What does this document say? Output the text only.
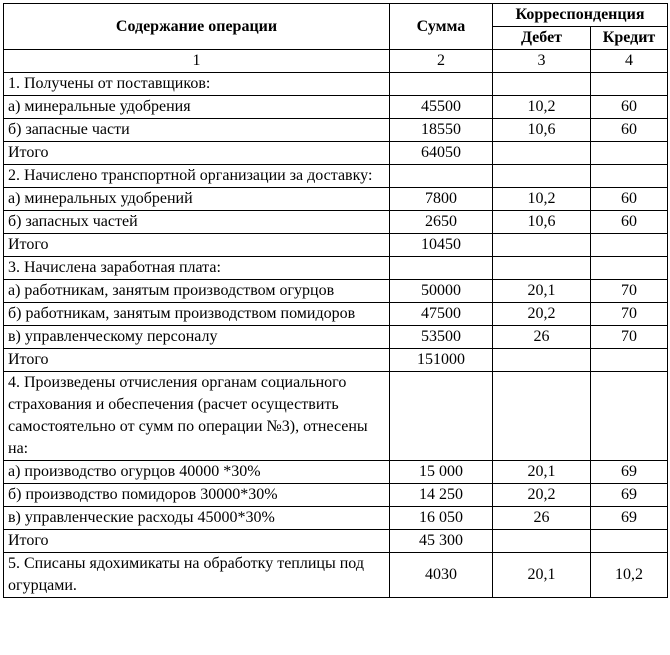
Содержание операции	Сумма	Корреспонденция	
		Дебет	Кредит
1	2	3	4
1. Получены от поставщиков:			
а) минеральные удобрения	45500	10,2	60
б) запасные части	18550	10,6	60
Итого	64050		
2. Начислено транспортной организации за доставку:			
а) минеральных удобрений	7800	10,2	60
б) запасных частей	2650	10,6	60
Итого	10450		
3. Начислена заработная плата:			
а) работникам, занятым производством огурцов	50000	20,1	70
б) работникам, занятым производством помидоров	47500	20,2	70
в) управленческому персоналу	53500	26	70
Итого	151000		
4. Произведены отчисления органам социального страхования и обеспечения (расчет осуществить самостоятельно от сумм по операции №3), отнесены на:			
а) производство огурцов 40000 *30%	15 000	20,1	69
б) производство помидоров 30000*30%	14 250	20,2	69
в) управленческие расходы 45000*30%	16 050	26	69
Итого	45 300		
5. Списаны ядохимикаты на обработку теплицы под огурцами.	4030	20,1	10,2
